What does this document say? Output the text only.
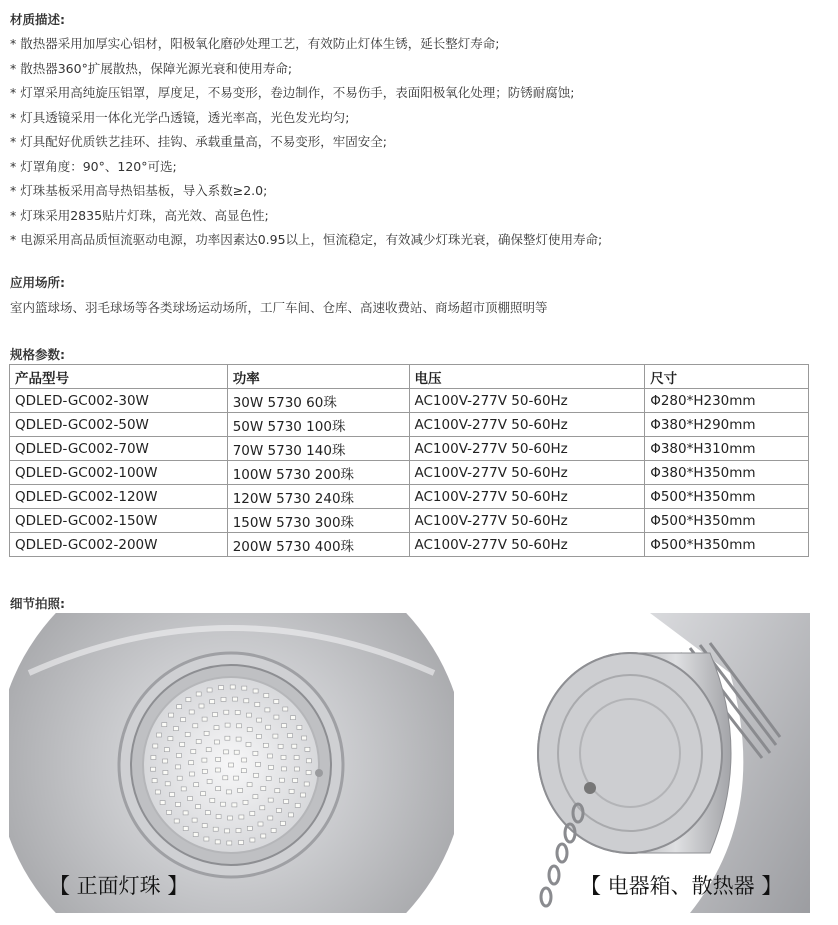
材质描述:
* 散热器采用加厚实心铝材，阳极氧化磨砂处理工艺，有效防止灯体生锈，延长整灯寿命;
* 散热器360°扩展散热，保障光源光衰和使用寿命;
* 灯罩采用高纯旋压铝罩，厚度足，不易变形，卷边制作，不易伤手，表面阳极氧化处理；防锈耐腐蚀;
* 灯具透镜采用一体化光学凸透镜，透光率高，光色发光均匀;
* 灯具配好优质铁艺挂环、挂钩、承载重量高，不易变形，牢固安全;
* 灯罩角度：90°、120°可选;
* 灯珠基板采用高导热铝基板，导入系数≥2.0;
* 灯珠采用2835贴片灯珠，高光效、高显色性;
* 电源采用高品质恒流驱动电源，功率因素达0.95以上，恒流稳定，有效减少灯珠光衰，确保整灯使用寿命;
应用场所:
室内篮球场、羽毛球场等各类球场运动场所，工厂车间、仓库、高速收费站、商场超市顶棚照明等
规格参数:
产品型号	功率	电压	尺寸
QDLED-GC002-30W	30W 5730 60珠	AC100V-277V 50-60Hz	Φ280*H230mm
QDLED-GC002-50W	50W 5730 100珠	AC100V-277V 50-60Hz	Φ380*H290mm
QDLED-GC002-70W	70W 5730 140珠	AC100V-277V 50-60Hz	Φ380*H310mm
QDLED-GC002-100W	100W 5730 200珠	AC100V-277V 50-60Hz	Φ380*H350mm
QDLED-GC002-120W	120W 5730 240珠	AC100V-277V 50-60Hz	Φ500*H350mm
QDLED-GC002-150W	150W 5730 300珠	AC100V-277V 50-60Hz	Φ500*H350mm
QDLED-GC002-200W	200W 5730 400珠	AC100V-277V 50-60Hz	Φ500*H350mm
细节拍照:
【 正面灯珠 】	【 电器箱、散热器 】
